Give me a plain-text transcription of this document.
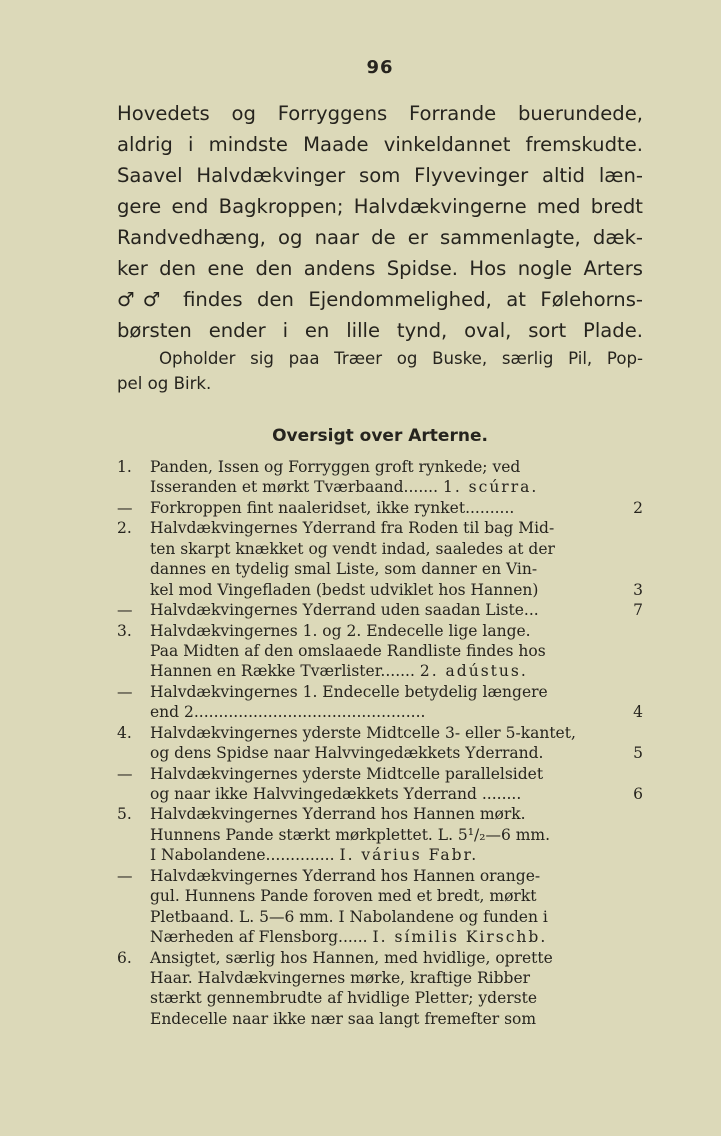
96
Hovedets og Forryggens Forrande buerundede,
aldrig i mindste Maade vinkeldannet fremskudte.
Saavel Halvdækvinger som Flyvevinger altid læn-
gere end Bagkroppen; Halvdækvingerne med bredt
Randvedhæng, og naar de er sammenlagte, dæk-
ker den ene den andens Spidse. Hos nogle Arters
♂♂ findes den Ejendommelighed, at Følehorns-
børsten ender i en lille tynd, oval, sort Plade.
Opholder sig paa Træer og Buske, særlig Pil, Pop-
pel og Birk.
Oversigt over Arterne.
1.	Panden, Issen og Forryggen groft rynkede; ved
Isseranden et mørkt Tværbaand....... 1. scúrra.
—	Forkroppen fint naaleridset, ikke rynket..........	2
2.	Halvdækvingernes Yderrand fra Roden til bag Mid-
ten skarpt knækket og vendt indad, saaledes at der
dannes en tydelig smal Liste, som danner en Vin-
kel mod Vingefladen (bedst udviklet hos Hannen)	3
—	Halvdækvingernes Yderrand uden saadan Liste...	7
3.	Halvdækvingernes 1. og 2. Endecelle lige lange.
Paa Midten af den omslaaede Randliste findes hos
Hannen en Række Tværlister....... 2. adústus.
—	Halvdækvingernes 1. Endecelle betydelig længere
end 2...............................................	4
4.	Halvdækvingernes yderste Midtcelle 3- eller 5-kantet,
og dens Spidse naar Halvvingedækkets Yderrand.	5
—	Halvdækvingernes yderste Midtcelle parallelsidet
og naar ikke Halvvingedækkets Yderrand ........	6
5.	Halvdækvingernes Yderrand hos Hannen mørk.
Hunnens Pande stærkt mørkplettet. L. 5¹/₂—6 mm.
I Nabolandene.............. I. várius Fabr.
—	Halvdækvingernes Yderrand hos Hannen orange-
gul. Hunnens Pande foroven med et bredt, mørkt
Pletbaand. L. 5—6 mm. I Nabolandene og funden i
Nærheden af Flensborg...... I. símilis Kirschb.
6.	Ansigtet, særlig hos Hannen, med hvidlige, oprette
Haar. Halvdækvingernes mørke, kraftige Ribber
stærkt gennembrudte af hvidlige Pletter; yderste
Endecelle naar ikke nær saa langt fremefter som
